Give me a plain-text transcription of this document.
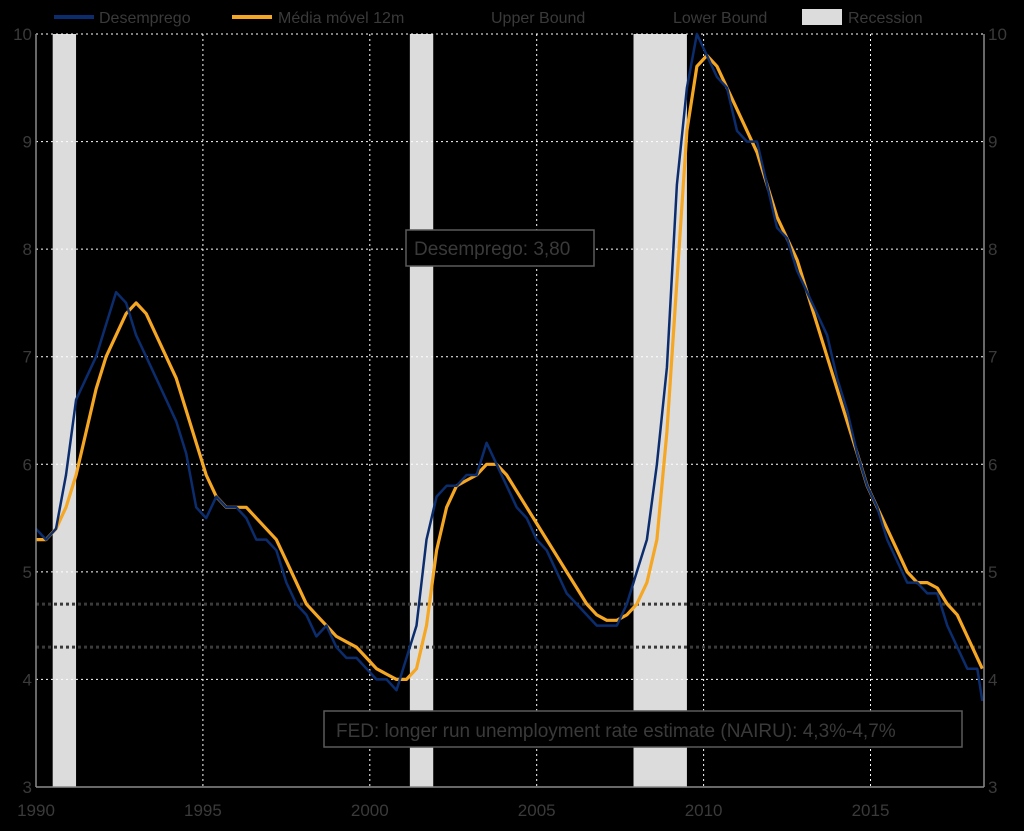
3	3
4	4
5	5
6	6
7	7
8	8
9	9
10	10
1990	1995	2000	2005	2010	2015
Desemprego: 3,80
FED: longer run unemployment rate estimate (NAIRU): 4,3%-4,7%
Desemprego	Média móvel 12m	Upper Bound	Lower Bound	Recession
